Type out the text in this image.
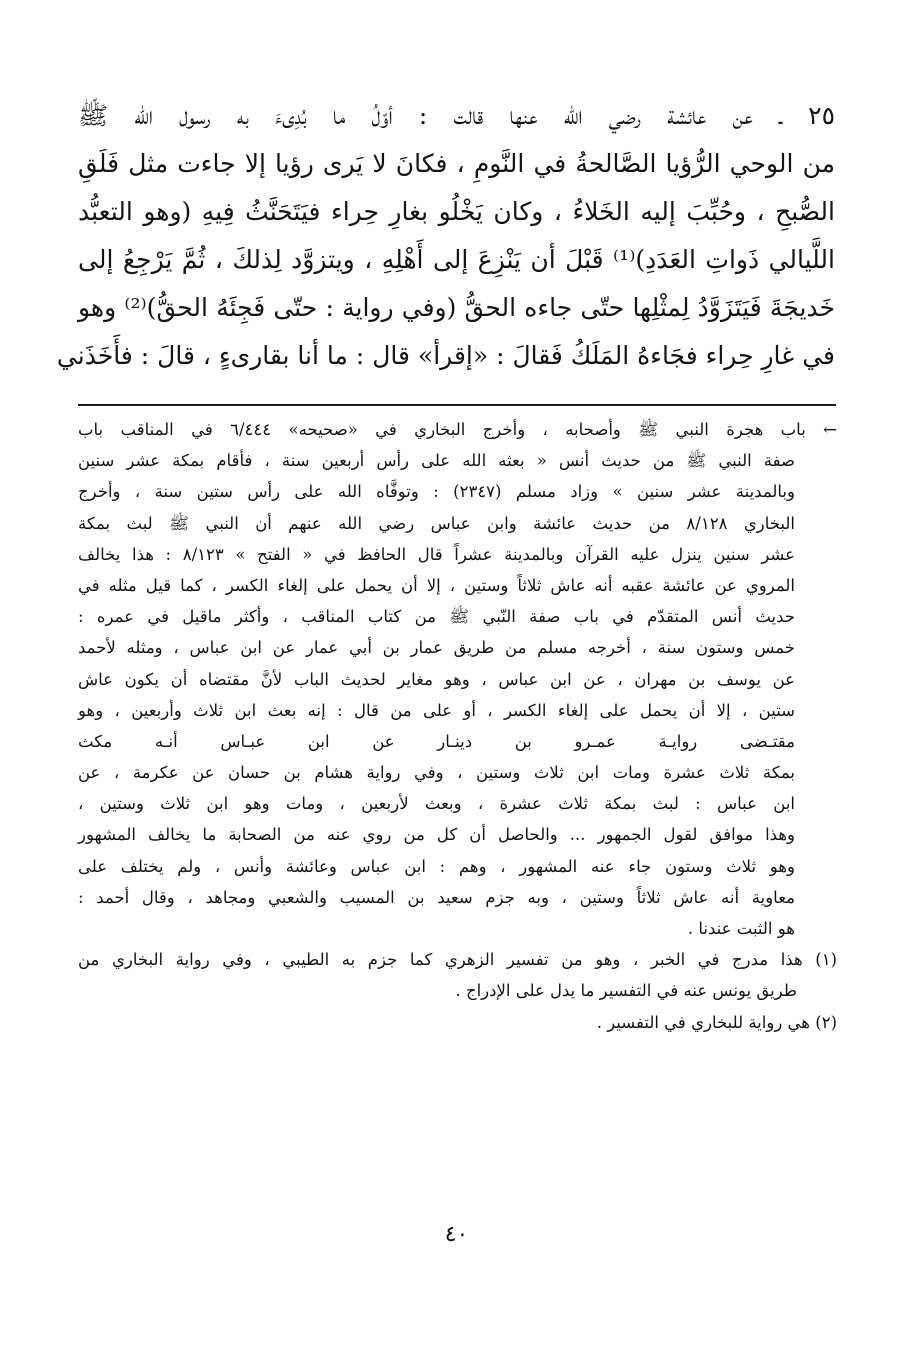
٢٥ ـ عن عائشة رضي الله عنها قالت : أوّلُ ما بُدِىءَ به رسول الله ﷺ
من الوحي الرُّؤيا الصَّالحةُ في النَّومِ ، فكانَ لا يَرى رؤيا إلا جاءت مثل فَلَقِ
الصُّبحِ ، وحُبِّبَ إليه الخَلاءُ ، وكان يَخْلُو بغارِ حِراء فيَتَحَنَّثُ فِيهِ (وهو التعبُّد
اللَّيالي ذَواتِ العَدَدِ)⁽¹⁾ قَبْلَ أن يَنْزِعَ إلى أَهْلِهِ ، ويتزوَّد لِذلكَ ، ثُمَّ يَرْجِعُ إلى
خَديجَةَ فَيَتَزَوَّدُ لِمثْلِها حتّى جاءه الحقُّ (وفي رواية : حتّى فَجِئَهُ الحقُّ)⁽²⁾ وهو
في غارِ حِراء فجَاءهُ المَلَكُ فَقالَ : «إقرأ» قال : ما أنا بقارىءٍ ، قالَ : فأَخَذَني
← باب هجرة النبي ﷺ وأصحابه ، وأخرج البخاري في «صحيحه» ٦/٤٤٤ في المناقب باب
صفة النبي ﷺ من حديث أنس « بعثه الله على رأس أربعين سنة ، فأقام بمكة عشر سنين
وبالمدينة عشر سنين » وزاد مسلم (٢٣٤٧) : وتوفَّاه الله على رأس ستين سنة ، وأخرج
البخاري ٨/١٢٨ من حديث عائشة وابن عباس رضي الله عنهم أن النبي ﷺ لبث بمكة
عشر سنين ينزل عليه القرآن وبالمدينة عشراً قال الحافظ في « الفتح » ٨/١٢٣ : هذا يخالف
المروي عن عائشة عقبه أنه عاش ثلاثاً وستين ، إلا أن يحمل على إلغاء الكسر ، كما قيل مثله في
حديث أنس المتقدّم في باب صفة النّبي ﷺ من كتاب المناقب ، وأكثر ماقيل في عمره :
خمس وستون سنة ، أخرجه مسلم من طريق عمار بن أبي عمار عن ابن عباس ، ومثله لأحمد
عن يوسف بن مهران ، عن ابن عباس ، وهو مغاير لحديث الباب لأنَّ مقتضاه أن يكون عاش
ستين ، إلا أن يحمل على إلغاء الكسر ، أو على من قال : إنه بعث ابن ثلاث وأربعين ، وهو
مقتـضى روايـة عمـرو بن دينـار عن ابن عبـاس أنـه مكث
بمكة ثلاث عشرة ومات ابن ثلاث وستين ، وفي رواية هشام بن حسان عن عكرمة ، عن
ابن عباس : لبث بمكة ثلاث عشرة ، وبعث لأربعين ، ومات وهو ابن ثلاث وستين ،
وهذا موافق لقول الجمهور ... والحاصل أن كل من روي عنه من الصحابة ما يخالف المشهور
وهو ثلاث وستون جاء عنه المشهور ، وهم : ابن عباس وعائشة وأنس ، ولم يختلف على
معاوية أنه عاش ثلاثاً وستين ، وبه جزم سعيد بن المسيب والشعبي ومجاهد ، وقال أحمد :
هو الثبت عندنا .
(١) هذا مدرج في الخبر ، وهو من تفسير الزهري كما جزم به الطيبي ، وفي رواية البخاري من
طريق يونس عنه في التفسير ما يدل على الإدراج .
(٢) هي رواية للبخاري في التفسير .
٤٠
